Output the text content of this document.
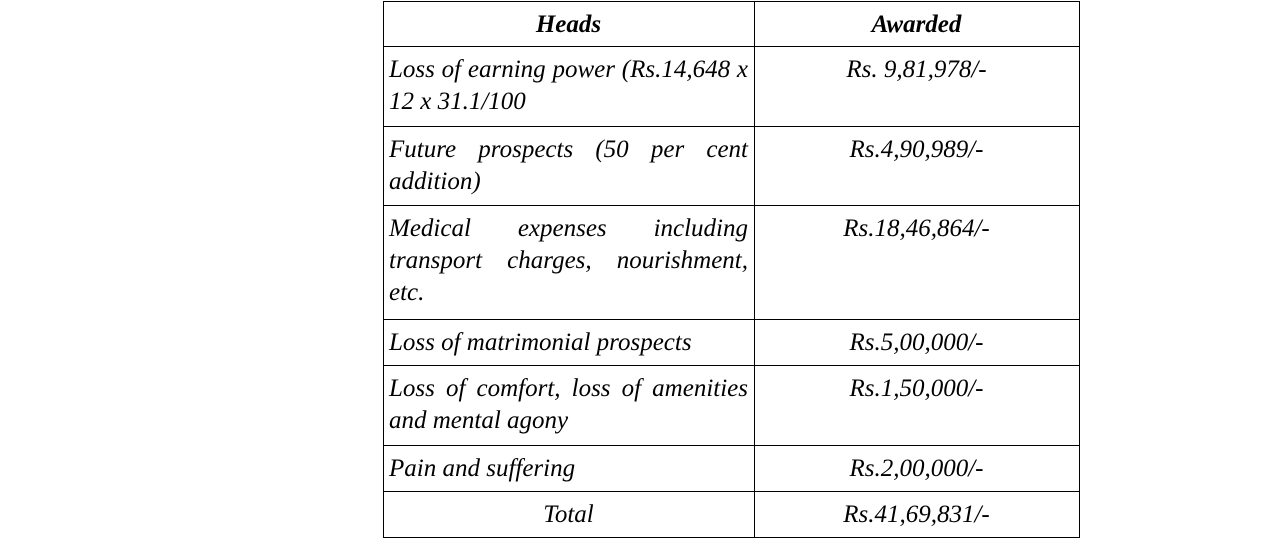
Heads	Awarded
Loss of earning power (Rs.14,648 x 12 x 31.1/100	Rs. 9,81,978/-
Future prospects (50 per cent addition)	Rs.4,90,989/-
Medical expenses including transport charges, nourishment, etc.	Rs.18,46,864/-
Loss of matrimonial prospects	Rs.5,00,000/-
Loss of comfort, loss of amenities and mental agony	Rs.1,50,000/-
Pain and suffering	Rs.2,00,000/-
Total	Rs.41,69,831/-
